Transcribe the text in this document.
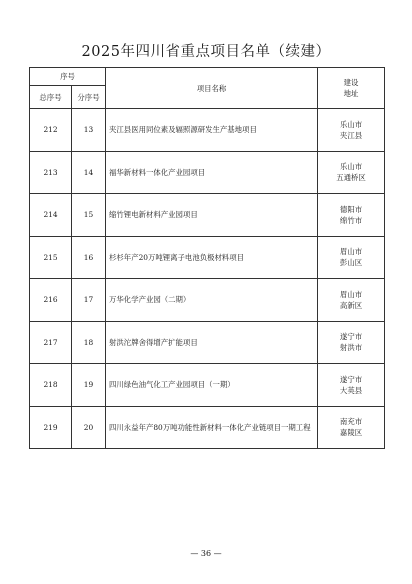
2025年四川省重点项目名单（续建）
序号		项目名称	建设
地址
总序号	分序号		
212	13	夹江县医用同位素及辐照源研发生产基地项目	乐山市
夹江县

213	14	福华新材料一体化产业园项目	乐山市
五通桥区

214	15	缩竹锂电新材料产业园项目	德阳市
绵竹市

215	16	杉杉年产20万吨锂离子电池负极材料项目	眉山市
彭山区

216	17	万华化学产业园（二期）	眉山市
高新区

217	18	射洪沱牌舍得增产扩能项目	遂宁市
射洪市

218	19	四川绿色油气化工产业园项目（一期）	遂宁市
大英县

219	20	四川永益年产80万吨功能性新材料一体化产业链项目一期工程	南充市
嘉陵区
— 36 —
